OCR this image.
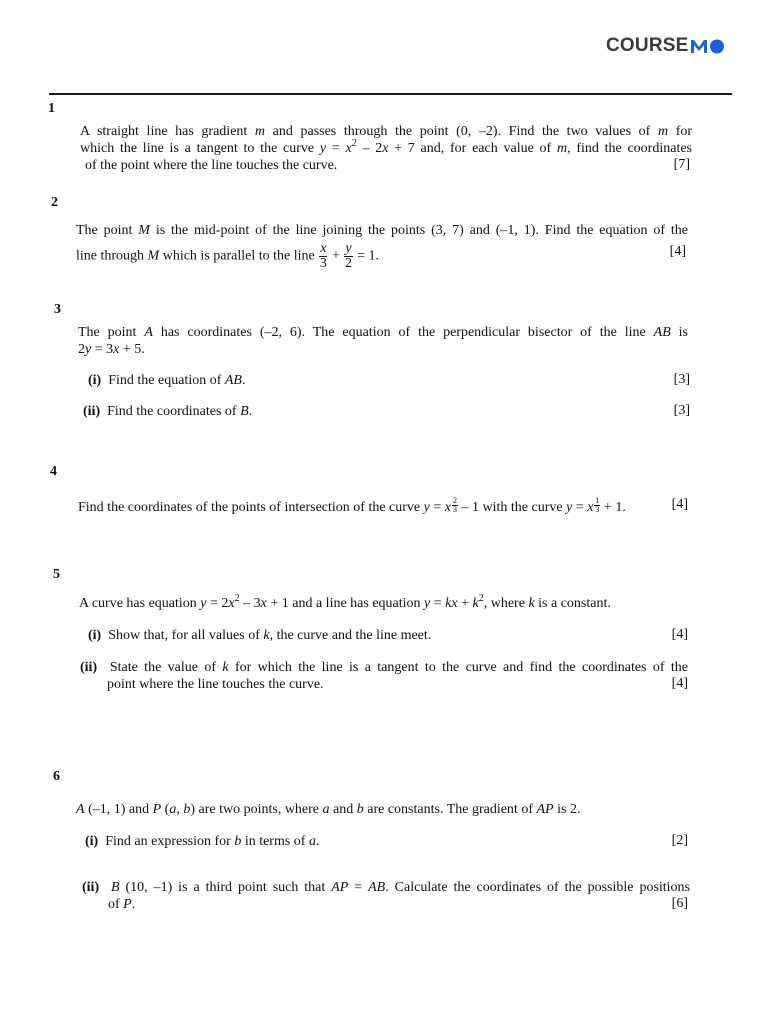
COURSE
1
A straight line has gradient m and passes through the point (0, –2). Find the two values of m for
which the line is a tangent to the curve $y = x^2 - 2x + 7$ and, for each value of m, find the coordinates
of the point where the line touches the curve.	[7]
2
The point M is the mid-point of the line joining the points (3, 7) and (–1, 1). Find the equation of the
line through M which is parallel to the line $\frac{x}{3} + \frac{y}{2} = 1$.	[4]
3
The point A has coordinates (–2, 6). The equation of the perpendicular bisector of the line AB is
2y = 3x + 5.
(i)  Find the equation of AB.	[3]
(ii)  Find the coordinates of B.	[3]
4
Find the coordinates of the points of intersection of the curve y = x $\frac{2}{3} - 1$ with the curve y = x $\frac{1}{3} + 1$.	[4]
5
A curve has equation $y = 2x^2 - 3x + 1$ and a line has equation y = kx + $k^2$, where k is a constant.
(i)  Show that, for all values of k, the curve and the line meet.	[4]
(ii)  State the value of k for which the line is a tangent to the curve and find the coordinates of the
point where the line touches the curve.	[4]
6
A (–1, 1) and P (a, b) are two points, where a and b are constants. The gradient of AP is 2.
(i)  Find an expression for b in terms of a.	[2]
(ii) B (10, –1) is a third point such that AP = AB. Calculate the coordinates of the possible positions
of P.	[6]
